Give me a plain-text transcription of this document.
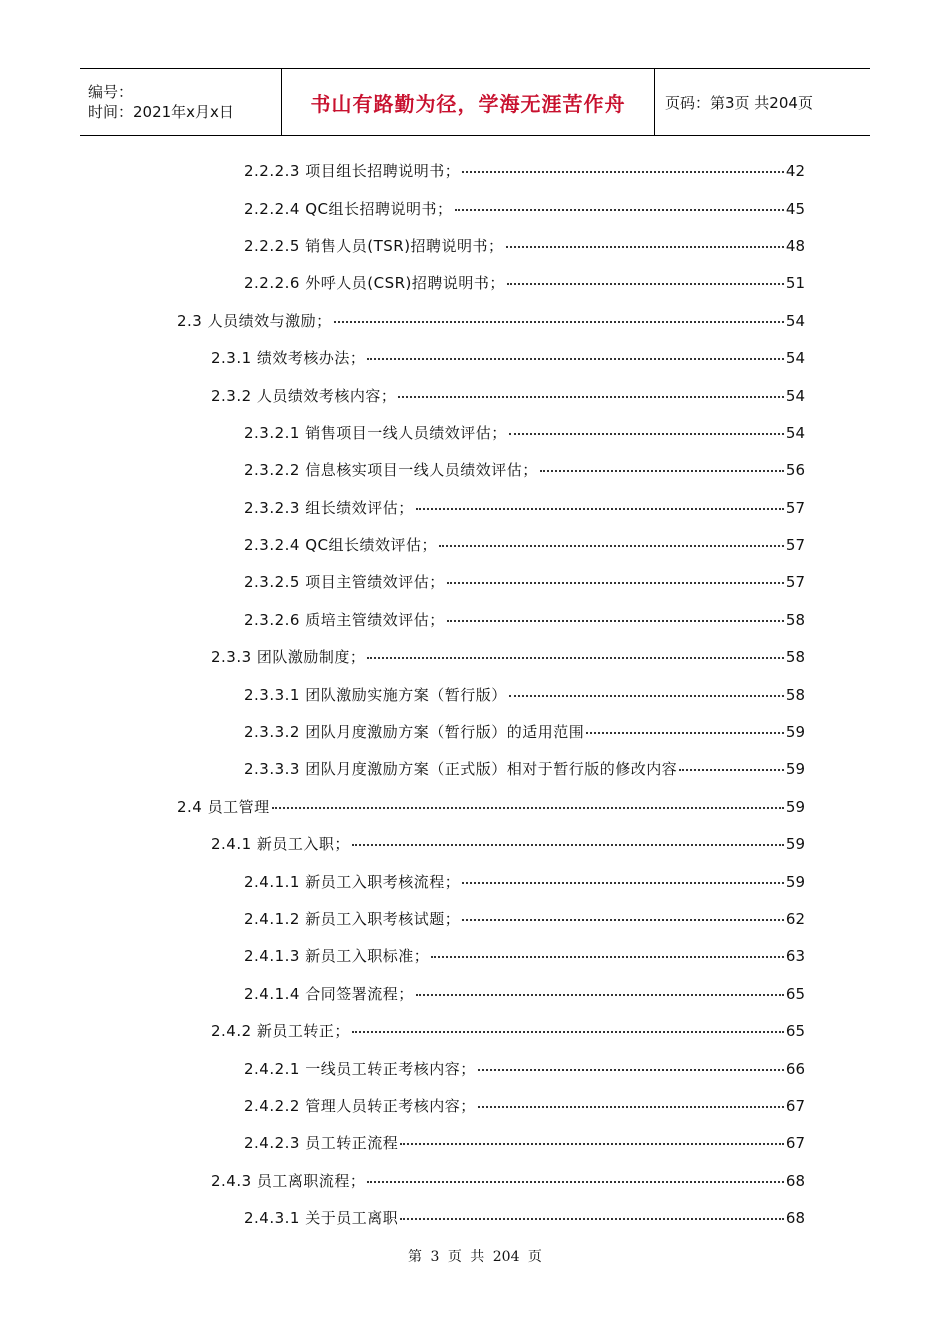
编号：
时间：2021年x月x日	书山有路勤为径，学海无涯苦作舟	页码：第3页 共204页
2.2.2.3 项目组长招聘说明书；	42
2.2.2.4 QC组长招聘说明书；	45
2.2.2.5 销售人员(TSR)招聘说明书；	48
2.2.2.6 外呼人员(CSR)招聘说明书；	51
2.3 人员绩效与激励；	54
2.3.1 绩效考核办法；	54
2.3.2 人员绩效考核内容；	54
2.3.2.1 销售项目一线人员绩效评估；	54
2.3.2.2 信息核实项目一线人员绩效评估；	56
2.3.2.3 组长绩效评估；	57
2.3.2.4 QC组长绩效评估；	57
2.3.2.5 项目主管绩效评估；	57
2.3.2.6 质培主管绩效评估；	58
2.3.3 团队激励制度；	58
2.3.3.1 团队激励实施方案（暂行版）	58
2.3.3.2 团队月度激励方案（暂行版）的适用范围	59
2.3.3.3 团队月度激励方案（正式版）相对于暂行版的修改内容	59
2.4 员工管理	59
2.4.1 新员工入职；	59
2.4.1.1 新员工入职考核流程；	59
2.4.1.2 新员工入职考核试题；	62
2.4.1.3 新员工入职标准；	63
2.4.1.4 合同签署流程；	65
2.4.2 新员工转正；	65
2.4.2.1 一线员工转正考核内容；	66
2.4.2.2 管理人员转正考核内容；	67
2.4.2.3 员工转正流程	67
2.4.3 员工离职流程；	68
2.4.3.1 关于员工离职	68
第 3 页 共 204 页
